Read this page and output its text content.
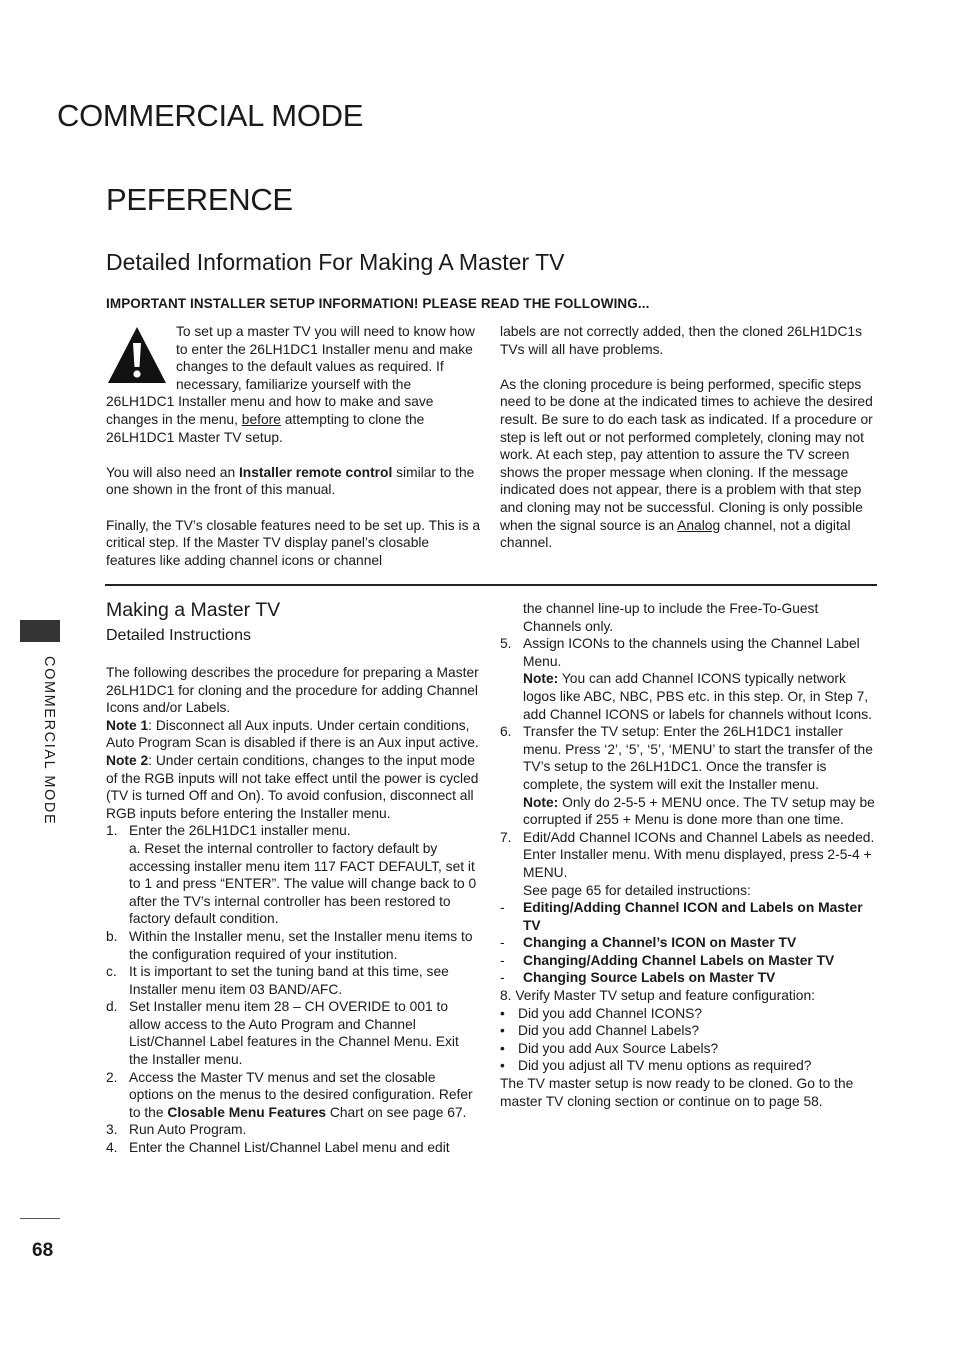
COMMERCIAL MODE
PEFERENCE
Detailed Information For Making A Master TV
IMPORTANT INSTALLER SETUP INFORMATION! PLEASE READ THE FOLLOWING...

To set up a master TV you will need to know how to enter the 26LH1DC1 Installer menu and make changes to the default values as required. If necessary, familiarize yourself with the 26LH1DC1 Installer menu and how to make and save changes in the menu, before attempting to clone the 26LH1DC1 Master TV setup.

You will also need an Installer remote control similar to the one shown in the front of this manual.

Finally, the TV’s closable features need to be set up. This is a critical step. If the Master TV display panel’s closable features like adding channel icons or channel

labels are not correctly added, then the cloned 26LH1DC1s TVs will all have problems.

As the cloning procedure is being performed, specific steps need to be done at the indicated times to achieve the desired result. Be sure to do each task as indicated. If a procedure or step is left out or not performed completely, cloning may not work. At each step, pay attention to assure the TV screen shows the proper message when cloning. If the message indicated does not appear, there is a problem with that step and cloning may not be successful. Cloning is only possible when the signal source is an Analog channel, not a digital channel.

COMMERCIAL MODE
68
Making a Master TV
Detailed Instructions

The following describes the procedure for preparing a Master 26LH1DC1 for cloning and the procedure for adding Channel Icons and/or Labels.

Note 1: Disconnect all Aux inputs. Under certain conditions, Auto Program Scan is disabled if there is an Aux input active.

Note 2: Under certain conditions, changes to the input mode of the RGB inputs will not take effect until the power is cycled (TV is turned Off and On). To avoid confusion, disconnect all RGB inputs before entering the Installer menu.

1. Enter the 26LH1DC1 installer menu.
a. Reset the internal controller to factory default by accessing installer menu item 117 FACT DEFAULT, set it to 1 and press “ENTER”. The value will change back to 0 after the TV’s internal controller has been restored to factory default condition.
b. Within the Installer menu, set the Installer menu items to the configuration required of your institution.
c. It is important to set the tuning band at this time, see Installer menu item 03 BAND/AFC.
d. Set Installer menu item 28 – CH OVERIDE to 001 to allow access to the Auto Program and Channel List/Channel Label features in the Channel Menu. Exit the Installer menu.
2. Access the Master TV menus and set the closable options on the menus to the desired configuration. Refer to the Closable Menu Features Chart on see page 67.
3. Run Auto Program.
4. Enter the Channel List/Channel Label menu and edit

the channel line-up to include the Free-To-Guest Channels only.

5. Assign ICONs to the channels using the Channel Label Menu.

Note: You can add Channel ICONS typically network logos like ABC, NBC, PBS etc. in this step. Or, in Step 7, add Channel ICONS or labels for channels without Icons.

6. Transfer the TV setup: Enter the 26LH1DC1 installer menu. Press ‘2’, ‘5’, ‘5’, ‘MENU’ to start the transfer of the TV’s setup to the 26LH1DC1. Once the transfer is complete, the system will exit the Installer menu.

Note: Only do 2-5-5 + MENU once. The TV setup may be corrupted if 255 + Menu is done more than one time.

7. Edit/Add Channel ICONs and Channel Labels as needed. Enter Installer menu. With menu displayed, press 2-5-4 + MENU.

See page 65 for detailed instructions:

-	Editing/Adding Channel ICON and Labels on Master TV
-	Changing a Channel’s ICON on Master TV
-	Changing/Adding Channel Labels on Master TV
-	Changing Source Labels on Master TV

8. Verify Master TV setup and feature configuration:

• Did you add Channel ICONS?
• Did you add Channel Labels?
• Did you add Aux Source Labels?
• Did you adjust all TV menu options as required?

The TV master setup is now ready to be cloned. Go to the master TV cloning section or continue on to page 58.
